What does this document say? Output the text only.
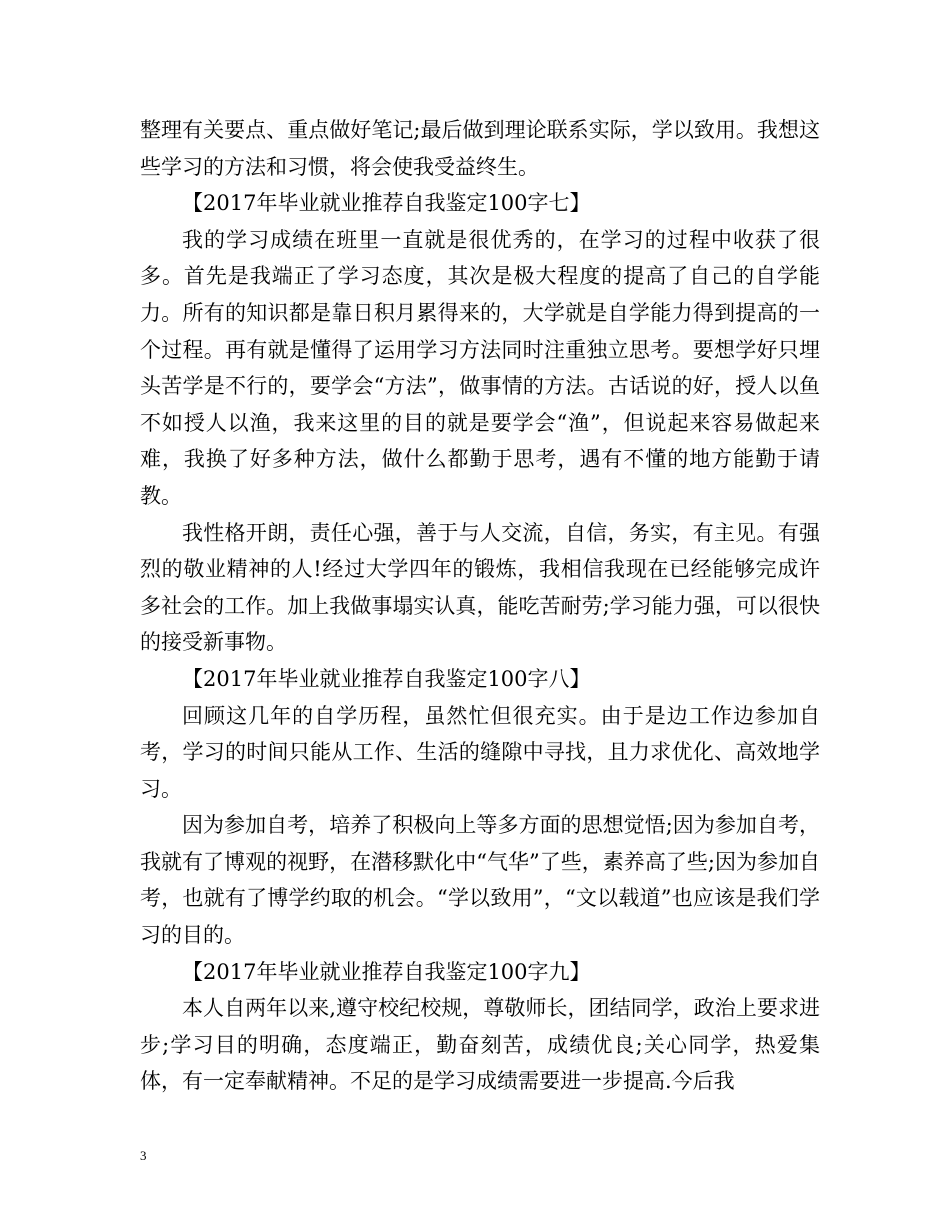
整理有关要点、重点做好笔记;最后做到理论联系实际，学以致用。我想这些学习的方法和习惯，将会使我受益终生。

【2017年毕业就业推荐自我鉴定100字七】

我的学习成绩在班里一直就是很优秀的，在学习的过程中收获了很多。首先是我端正了学习态度，其次是极大程度的提高了自己的自学能力。所有的知识都是靠日积月累得来的，大学就是自学能力得到提高的一个过程。再有就是懂得了运用学习方法同时注重独立思考。要想学好只埋头苦学是不行的，要学会“方法”，做事情的方法。古话说的好，授人以鱼不如授人以渔，我来这里的目的就是要学会“渔”，但说起来容易做起来难，我换了好多种方法，做什么都勤于思考，遇有不懂的地方能勤于请教。

我性格开朗，责任心强，善于与人交流，自信，务实，有主见。有强烈的敬业精神的人!经过大学四年的锻炼，我相信我现在已经能够完成许多社会的工作。加上我做事塌实认真，能吃苦耐劳;学习能力强，可以很快的接受新事物。

【2017年毕业就业推荐自我鉴定100字八】

回顾这几年的自学历程，虽然忙但很充实。由于是边工作边参加自考，学习的时间只能从工作、生活的缝隙中寻找，且力求优化、高效地学习。

因为参加自考，培养了积极向上等多方面的思想觉悟;因为参加自考，我就有了博观的视野，在潜移默化中“气华”了些，素养高了些;因为参加自考，也就有了博学约取的机会。“学以致用”，“文以载道”也应该是我们学习的目的。

【2017年毕业就业推荐自我鉴定100字九】

本人自两年以来,遵守校纪校规，尊敬师长，团结同学，政治上要求进步;学习目的明确，态度端正，勤奋刻苦，成绩优良;关心同学，热爱集体，有一定奉献精神。不足的是学习成绩需要进一步提高.今后我

3
